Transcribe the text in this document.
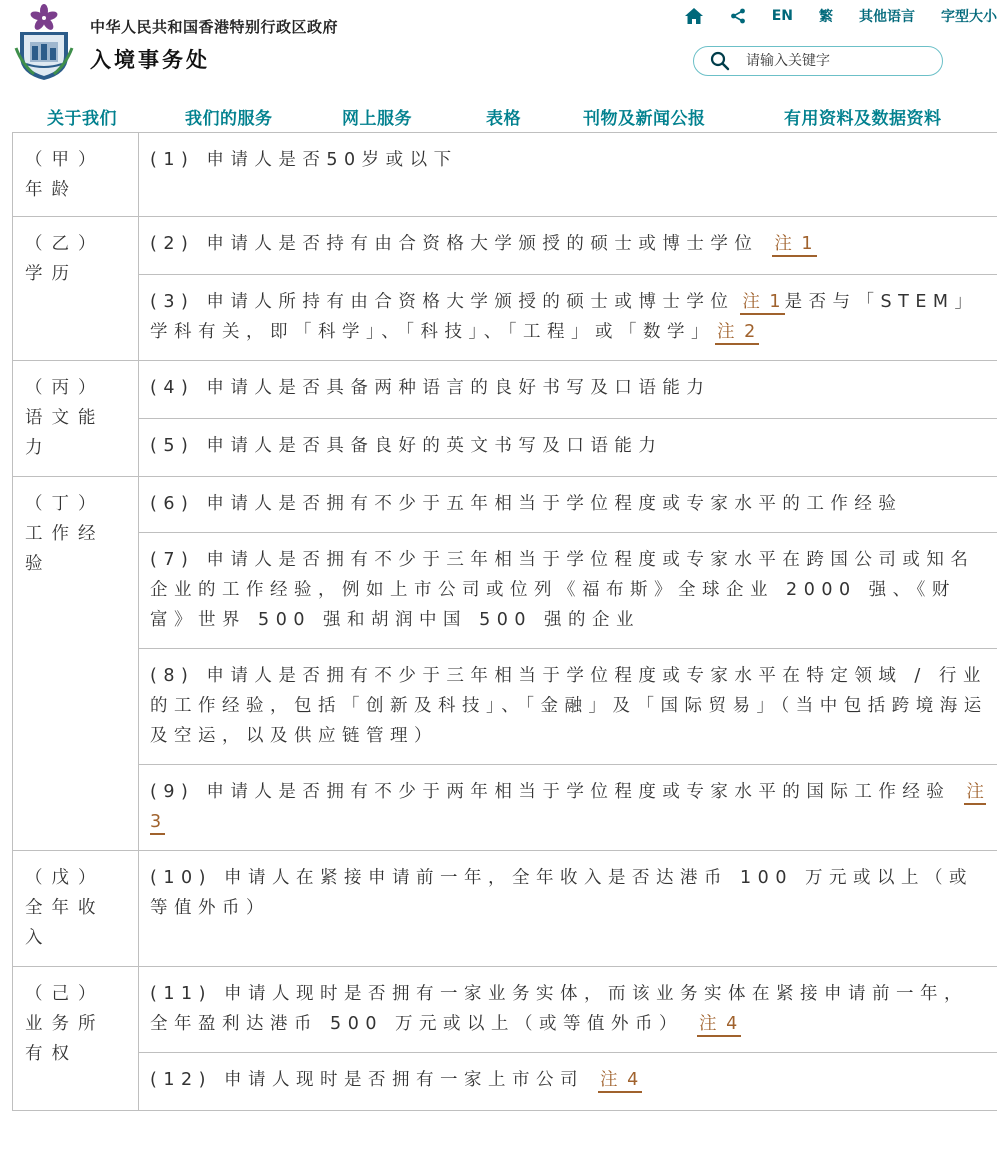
中华人民共和国香港特别行政区政府
入境事务处
EN 繁 其他语言 字型大小
请输入关键字
关于我们	我们的服务	网上服务	表格	刊物及新闻公报	有用资料及数据资料
（甲）年龄	(1) 申请人是否50岁或以下
（乙）学历	(2) 申请人是否持有由合资格大学颁授的硕士或博士学位 注 1
	(3) 申请人所持有由合资格大学颁授的硕士或博士学位 注 1 是否与「STEM」学科有关，即「科学」、「科技」、「工程」或「数学」 注 2
（丙）语文能力	(4) 申请人是否具备两种语言的良好书写及口语能力
	(5) 申请人是否具备良好的英文书写及口语能力
（丁）工作经验	(6) 申请人是否拥有不少于五年相当于学位程度或专家水平的工作经验
	(7) 申请人是否拥有不少于三年相当于学位程度或专家水平在跨国公司或知名企业的工作经验，例如上市公司或位列《福布斯》全球企业 2000 强、《财富》世界 500 强和胡润中国 500 强的企业
	(8) 申请人是否拥有不少于三年相当于学位程度或专家水平在特定领域 / 行业的工作经验，包括「创新及科技」、「金融」及「国际贸易」（当中包括跨境海运及空运，以及供应链管理）
	(9) 申请人是否拥有不少于两年相当于学位程度或专家水平的国际工作经验 注 3
（戊）全年收入	(10) 申请人在紧接申请前一年，全年收入是否达港币 100 万元或以上（或等值外币）
（己）业务所有权	(11) 申请人现时是否拥有一家业务实体，而该业务实体在紧接申请前一年，全年盈利达港币 500 万元或以上（或等值外币） 注 4
	(12) 申请人现时是否拥有一家上市公司 注 4
